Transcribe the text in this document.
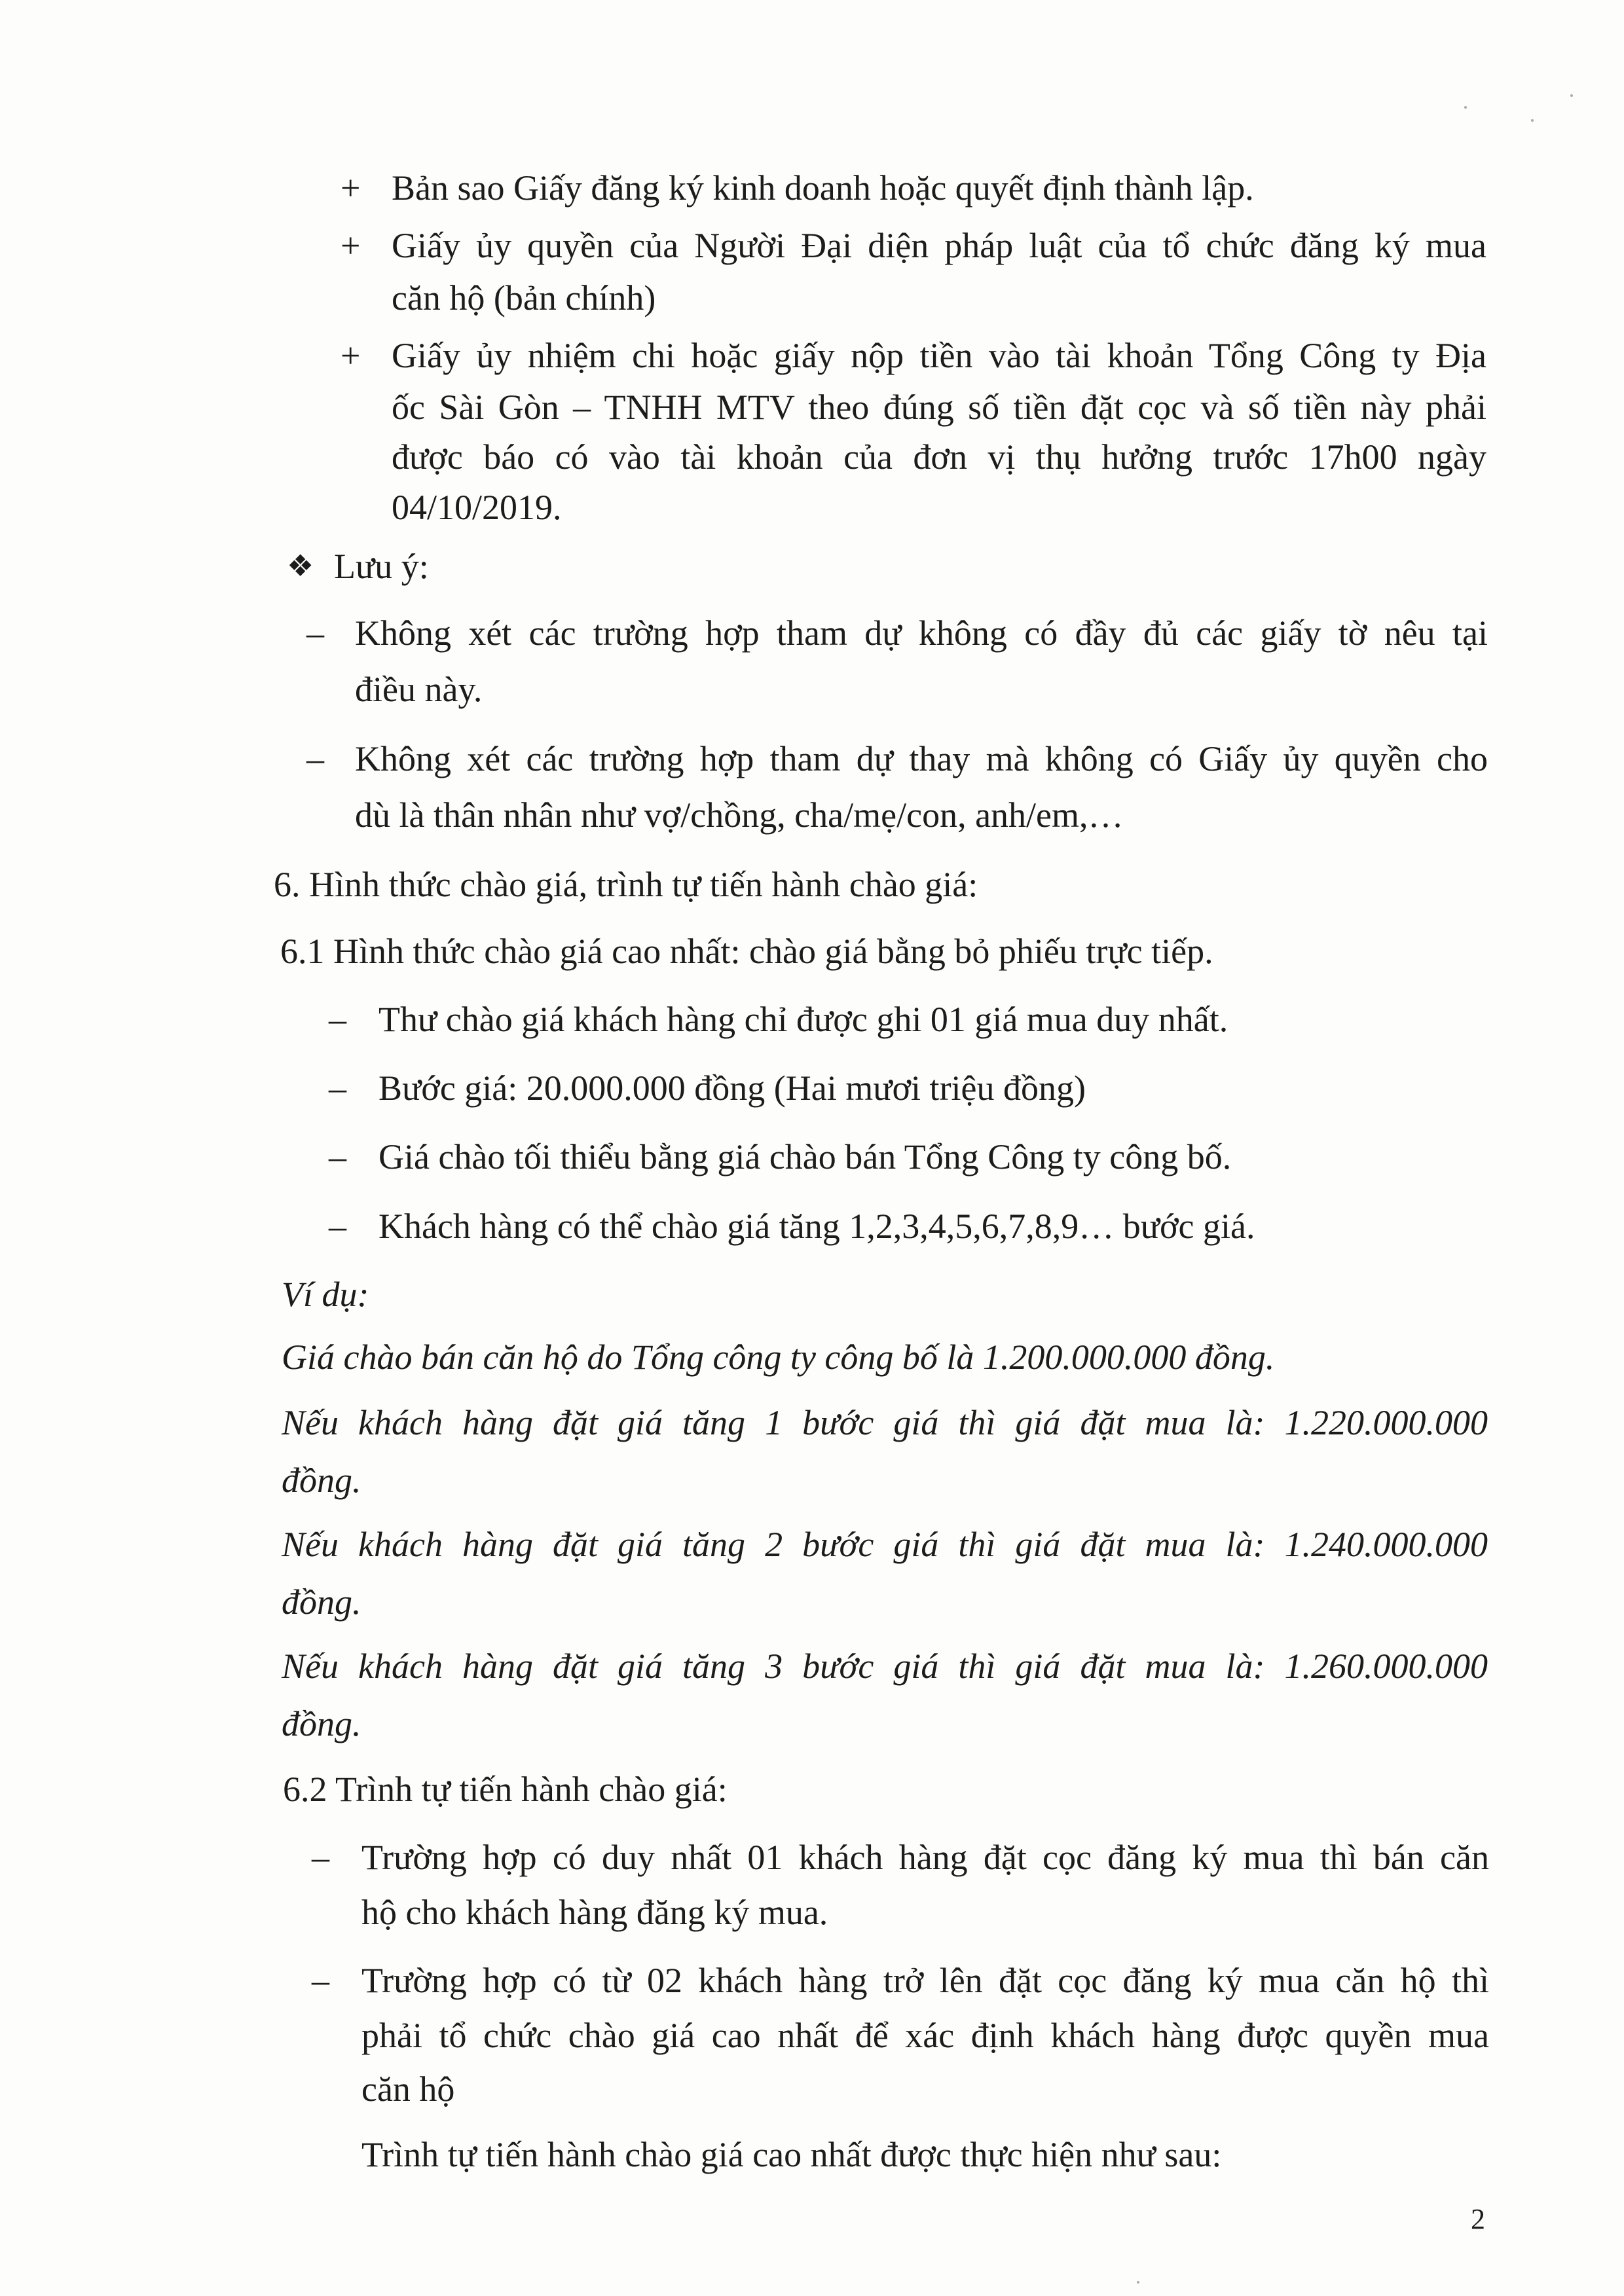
+ Bản sao Giấy đăng ký kinh doanh hoặc quyết định thành lập.

+ Giấy ủy quyền của Người Đại diện pháp luật của tổ chức đăng ký mua

căn hộ (bản chính)

+ Giấy ủy nhiệm chi hoặc giấy nộp tiền vào tài khoản Tổng Công ty Địa

ốc Sài Gòn – TNHH MTV theo đúng số tiền đặt cọc và số tiền này phải

được báo có vào tài khoản của đơn vị thụ hưởng trước 17h00 ngày

04/10/2019.

❖ Lưu ý:

– Không xét các trường hợp tham dự không có đầy đủ các giấy tờ nêu tại

điều này.

– Không xét các trường hợp tham dự thay mà không có Giấy ủy quyền cho

dù là thân nhân như vợ/chồng, cha/mẹ/con, anh/em,…

6. Hình thức chào giá, trình tự tiến hành chào giá:

6.1 Hình thức chào giá cao nhất: chào giá bằng bỏ phiếu trực tiếp.

– Thư chào giá khách hàng chỉ được ghi 01 giá mua duy nhất.

– Bước giá: 20.000.000 đồng (Hai mươi triệu đồng)

– Giá chào tối thiểu bằng giá chào bán Tổng Công ty công bố.

– Khách hàng có thể chào giá tăng 1,2,3,4,5,6,7,8,9… bước giá.

Ví dụ:

Giá chào bán căn hộ do Tổng công ty công bố là 1.200.000.000 đồng.

Nếu khách hàng đặt giá tăng 1 bước giá thì giá đặt mua là: 1.220.000.000

đồng.

Nếu khách hàng đặt giá tăng 2 bước giá thì giá đặt mua là: 1.240.000.000

đồng.

Nếu khách hàng đặt giá tăng 3 bước giá thì giá đặt mua là: 1.260.000.000

đồng.

6.2 Trình tự tiến hành chào giá:

– Trường hợp có duy nhất 01 khách hàng đặt cọc đăng ký mua thì bán căn

hộ cho khách hàng đăng ký mua.

– Trường hợp có từ 02 khách hàng trở lên đặt cọc đăng ký mua căn hộ thì

phải tổ chức chào giá cao nhất để xác định khách hàng được quyền mua

căn hộ

Trình tự tiến hành chào giá cao nhất được thực hiện như sau:

2
